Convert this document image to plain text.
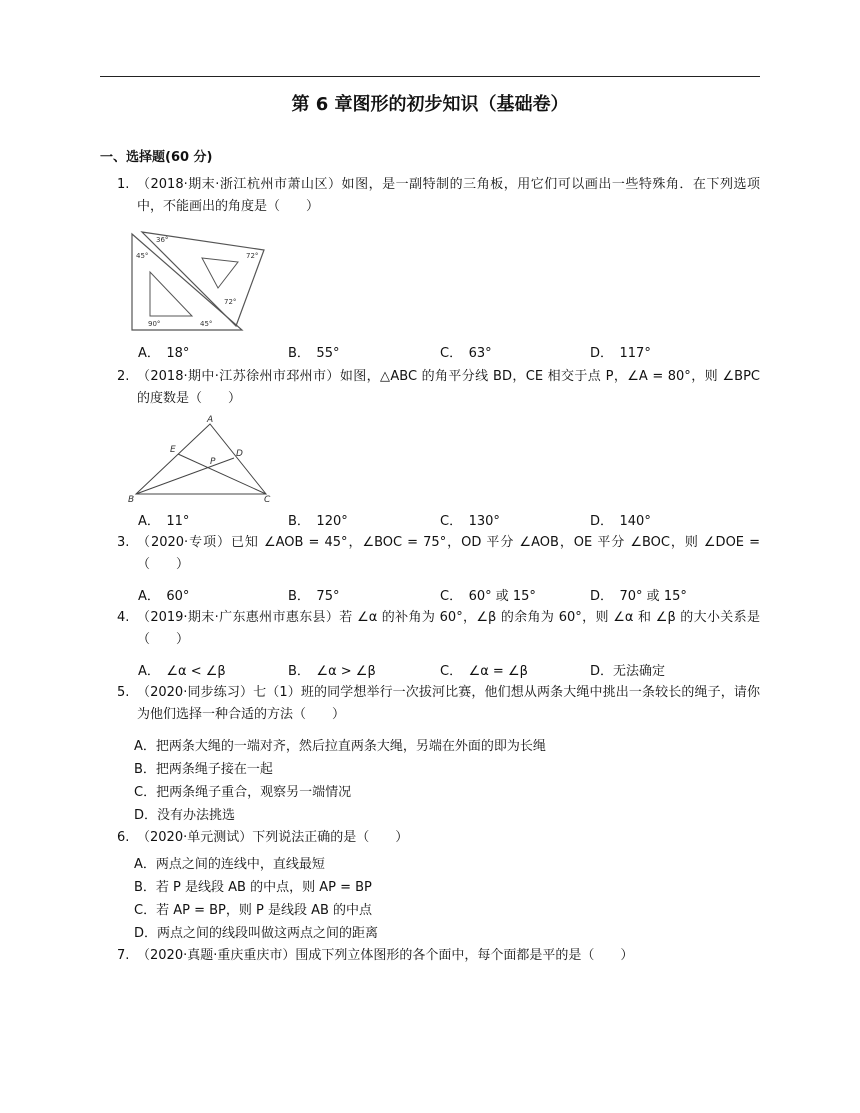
第 6 章图形的初步知识（基础卷）
一、选择题(60 分)
1. （2018·期末·浙江杭州市萧山区）如图，是一副特制的三角板，用它们可以画出一些特殊角．在下列选项中，不能画出的角度是（　　）
36°
72°
45°
72°
90°	45°
A．　18°	B．　55°	C．　63°	D．　117°
2. （2018·期中·江苏徐州市邳州市）如图，△ABC 的角平分线 BD，CE 相交于点 P，∠A = 80°，则 ∠BPC 的度数是（　　）
A
E
P
D
B	C
A．　11°	B．　120°	C．　130°	D．　140°
3. （2020·专项）已知 ∠AOB = 45°，∠BOC = 75°，OD 平分 ∠AOB，OE 平分 ∠BOC，则 ∠DOE =（　　）
A．　60°	B．　75°	C．　60° 或 15°	D．　70° 或 15°
4. （2019·期末·广东惠州市惠东县）若 ∠α 的补角为 60°，∠β 的余角为 60°，则 ∠α 和 ∠β 的大小关系是（　　）
A．　∠α < ∠β	B．　∠α > ∠β	C．　∠α = ∠β	D．无法确定
5. （2020·同步练习）七（1）班的同学想举行一次拔河比赛，他们想从两条大绳中挑出一条较长的绳子，请你为他们选择一种合适的方法（　　）
A．把两条大绳的一端对齐，然后拉直两条大绳，另端在外面的即为长绳
B．把两条绳子接在一起
C．把两条绳子重合，观察另一端情况
D．没有办法挑选
6. （2020·单元测试）下列说法正确的是（　　）
A．两点之间的连线中，直线最短
B．若 P 是线段 AB 的中点，则 AP = BP
C．若 AP = BP，则 P 是线段 AB 的中点
D．两点之间的线段叫做这两点之间的距离
7. （2020·真题·重庆重庆市）围成下列立体图形的各个面中，每个面都是平的是（　　）
